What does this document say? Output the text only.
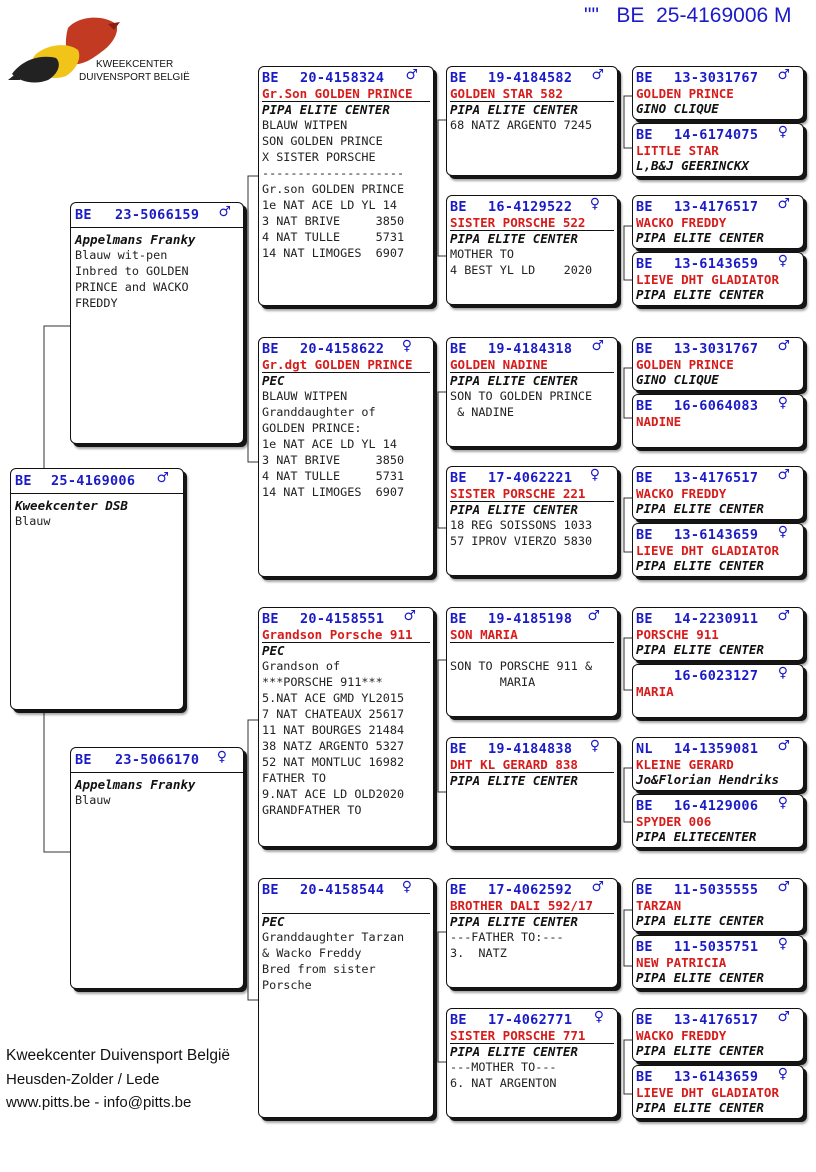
""   BE  25-4169006 M
KWEEKCENTER
DUIVENSPORT BELGIË
BE 25-4169006 ♂
Kweekcenter DSB
Blauw
BE 23-5066159 ♂
Appelmans Franky
Blauw wit-pen
Inbred to GOLDEN
PRINCE and WACKO
FREDDY
BE 23-5066170 ♀
Appelmans Franky
Blauw
BE 20-4158324 ♂
Gr.Son GOLDEN PRINCE
PIPA ELITE CENTER
BLAUW WITPEN
SON GOLDEN PRINCE
X SISTER PORSCHE
--------------------
Gr.son GOLDEN PRINCE
1e NAT ACE LD YL 14
3 NAT BRIVE     3850
4 NAT TULLE     5731
14 NAT LIMOGES  6907
BE 20-4158622 ♀
Gr.dgt GOLDEN PRINCE
PEC
BLAUW WITPEN
Granddaughter of
GOLDEN PRINCE:
1e NAT ACE LD YL 14
3 NAT BRIVE     3850
4 NAT TULLE     5731
14 NAT LIMOGES  6907
BE 20-4158551 ♂
Grandson Porsche 911
PEC
Grandson of
***PORSCHE 911***
5.NAT ACE GMD YL2015
7 NAT CHATEAUX 25617
11 NAT BOURGES 21484
38 NATZ ARGENTO 5327
52 NAT MONTLUC 16982
FATHER TO
9.NAT ACE LD OLD2020
GRANDFATHER TO
BE 20-4158544 ♀
PEC
Granddaughter Tarzan
& Wacko Freddy
Bred from sister
Porsche
BE 19-4184582 ♂
GOLDEN STAR 582
PIPA ELITE CENTER
68 NATZ ARGENTO 7245
BE 16-4129522 ♀
SISTER PORSCHE 522
PIPA ELITE CENTER
MOTHER TO
4 BEST YL LD    2020
BE 19-4184318 ♂
GOLDEN NADINE
PIPA ELITE CENTER
SON TO GOLDEN PRINCE
& NADINE
BE 17-4062221 ♀
SISTER PORSCHE 221
PIPA ELITE CENTER
18 REG SOISSONS 1033
57 IPROV VIERZO 5830
BE 19-4185198 ♂
SON MARIA
SON TO PORSCHE 911 &
MARIA
BE 19-4184838 ♀
DHT KL GERARD 838
PIPA ELITE CENTER
BE 17-4062592 ♂
BROTHER DALI 592/17
PIPA ELITE CENTER
---FATHER TO:---
3.  NATZ
BE 17-4062771 ♀
SISTER PORSCHE 771
PIPA ELITE CENTER
---MOTHER TO---
6. NAT ARGENTON
BE 13-3031767 ♂
GOLDEN PRINCE
GINO CLIQUE
BE 14-6174075 ♀
LITTLE STAR
L,B&J GEERINCKX
BE 13-4176517 ♂
WACKO FREDDY
PIPA ELITE CENTER
BE 13-6143659 ♀
LIEVE DHT GLADIATOR
PIPA ELITE CENTER
BE 13-3031767 ♂
GOLDEN PRINCE
GINO CLIQUE
BE 16-6064083 ♀
NADINE
BE 13-4176517 ♂
WACKO FREDDY
PIPA ELITE CENTER
BE 13-6143659 ♀
LIEVE DHT GLADIATOR
PIPA ELITE CENTER
BE 14-2230911 ♂
PORSCHE 911
PIPA ELITE CENTER
16-6023127 ♀
MARIA
NL 14-1359081 ♂
KLEINE GERARD
Jo&Florian Hendriks
BE 16-4129006 ♀
SPYDER 006
PIPA ELITECENTER
BE 11-5035555 ♂
TARZAN
PIPA ELITE CENTER
BE 11-5035751 ♀
NEW PATRICIA
PIPA ELITE CENTER
BE 13-4176517 ♂
WACKO FREDDY
PIPA ELITE CENTER
BE 13-6143659 ♀
LIEVE DHT GLADIATOR
PIPA ELITE CENTER
Kweekcenter Duivensport België
Heusden-Zolder / Lede
www.pitts.be - info@pitts.be
